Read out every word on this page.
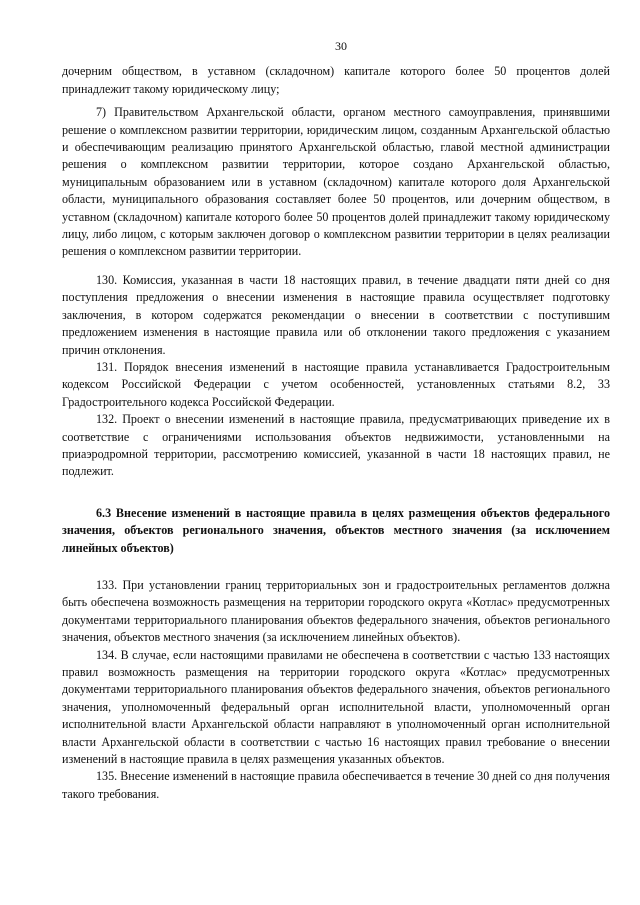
30

дочерним обществом, в уставном (складочном) капитале которого более 50 процентов долей принадлежит такому юридическому лицу;

7) Правительством Архангельской области, органом местного самоуправления, принявшими решение о комплексном развитии территории, юридическим лицом, созданным Архангельской областью и обеспечивающим реализацию принятого Архангельской областью, главой местной администрации решения о комплексном развитии территории, которое создано Архангельской областью, муниципальным образованием или в уставном (складочном) капитале которого доля Архангельской области, муниципального образования составляет более 50 процентов, или дочерним обществом, в уставном (складочном) капитале которого более 50 процентов долей принадлежит такому юридическому лицу, либо лицом, с которым заключен договор о комплексном развитии территории в целях реализации решения о комплексном развитии территории.

130. Комиссия, указанная в части 18 настоящих правил, в течение двадцати пяти дней со дня поступления предложения о внесении изменения в настоящие правила осуществляет подготовку заключения, в котором содержатся рекомендации о внесении в соответствии с поступившим предложением изменения в настоящие правила или об отклонении такого предложения с указанием причин отклонения.

131. Порядок внесения изменений в настоящие правила устанавливается Градостроительным кодексом Российской Федерации с учетом особенностей, установленных статьями 8.2, 33 Градостроительного кодекса Российской Федерации.

132. Проект о внесении изменений в настоящие правила, предусматривающих приведение их в соответствие с ограничениями использования объектов недвижимости, установленными на приаэродромной территории, рассмотрению комиссией, указанной в части 18 настоящих правил, не подлежит.

6.3 Внесение изменений в настоящие правила в целях размещения объектов федерального значения, объектов регионального значения, объектов местного значения (за исключением линейных объектов)

133. При установлении границ территориальных зон и градостроительных регламентов должна быть обеспечена возможность размещения на территории городского округа «Котлас» предусмотренных документами территориального планирования объектов федерального значения, объектов регионального значения, объектов местного значения (за исключением линейных объектов).

134. В случае, если настоящими правилами не обеспечена в соответствии с частью 133 настоящих правил возможность размещения на территории городского округа «Котлас» предусмотренных документами территориального планирования объектов федерального значения, объектов регионального значения, уполномоченный федеральный орган исполнительной власти, уполномоченный орган исполнительной власти Архангельской области направляют в уполномоченный орган исполнительной власти Архангельской области в соответствии с частью 16 настоящих правил требование о внесении изменений в настоящие правила в целях размещения указанных объектов.

135. Внесение изменений в настоящие правила обеспечивается в течение 30 дней со дня получения такого требования.
